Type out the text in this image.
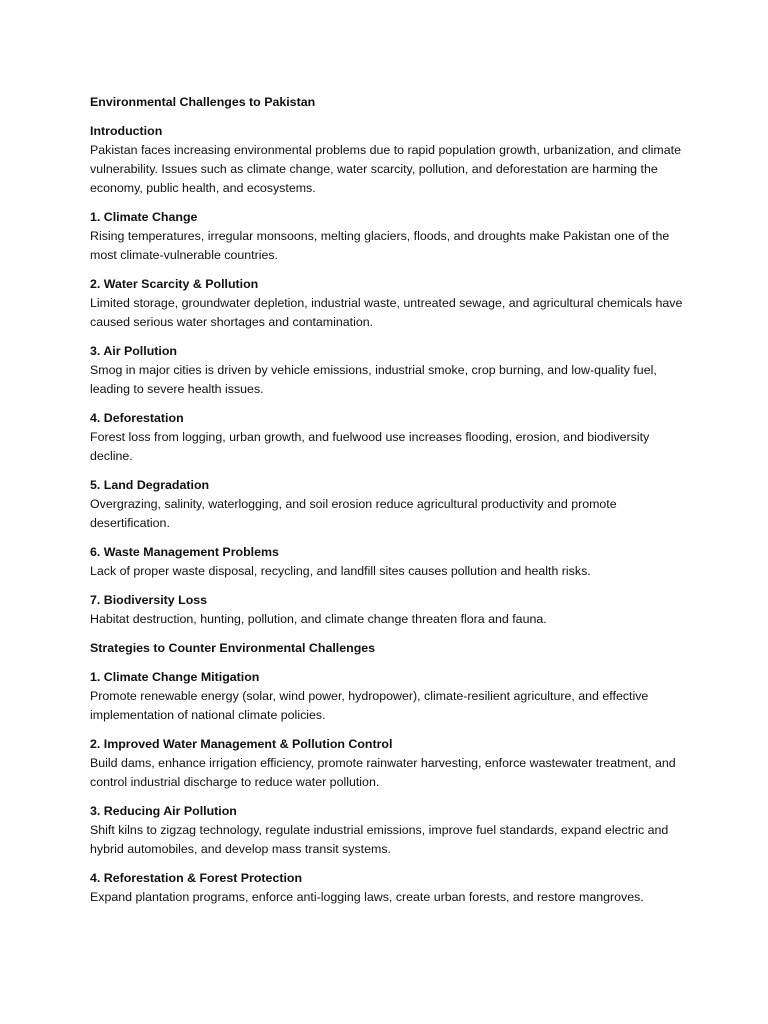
Environmental Challenges to Pakistan
Introduction
Pakistan faces increasing environmental problems due to rapid population growth, urbanization, and climate vulnerability. Issues such as climate change, water scarcity, pollution, and deforestation are harming the economy, public health, and ecosystems.
1. Climate Change
Rising temperatures, irregular monsoons, melting glaciers, floods, and droughts make Pakistan one of the most climate-vulnerable countries.
2. Water Scarcity & Pollution
Limited storage, groundwater depletion, industrial waste, untreated sewage, and agricultural chemicals have caused serious water shortages and contamination.
3. Air Pollution
Smog in major cities is driven by vehicle emissions, industrial smoke, crop burning, and low-quality fuel, leading to severe health issues.
4. Deforestation
Forest loss from logging, urban growth, and fuelwood use increases flooding, erosion, and biodiversity decline.
5. Land Degradation
Overgrazing, salinity, waterlogging, and soil erosion reduce agricultural productivity and promote desertification.
6. Waste Management Problems
Lack of proper waste disposal, recycling, and landfill sites causes pollution and health risks.
7. Biodiversity Loss
Habitat destruction, hunting, pollution, and climate change threaten flora and fauna.
Strategies to Counter Environmental Challenges
1. Climate Change Mitigation
Promote renewable energy (solar, wind power, hydropower), climate-resilient agriculture, and effective implementation of national climate policies.
2. Improved Water Management & Pollution Control
Build dams, enhance irrigation efficiency, promote rainwater harvesting, enforce wastewater treatment, and control industrial discharge to reduce water pollution.
3. Reducing Air Pollution
Shift kilns to zigzag technology, regulate industrial emissions, improve fuel standards, expand electric and hybrid automobiles, and develop mass transit systems.
4. Reforestation & Forest Protection
Expand plantation programs, enforce anti-logging laws, create urban forests, and restore mangroves.
